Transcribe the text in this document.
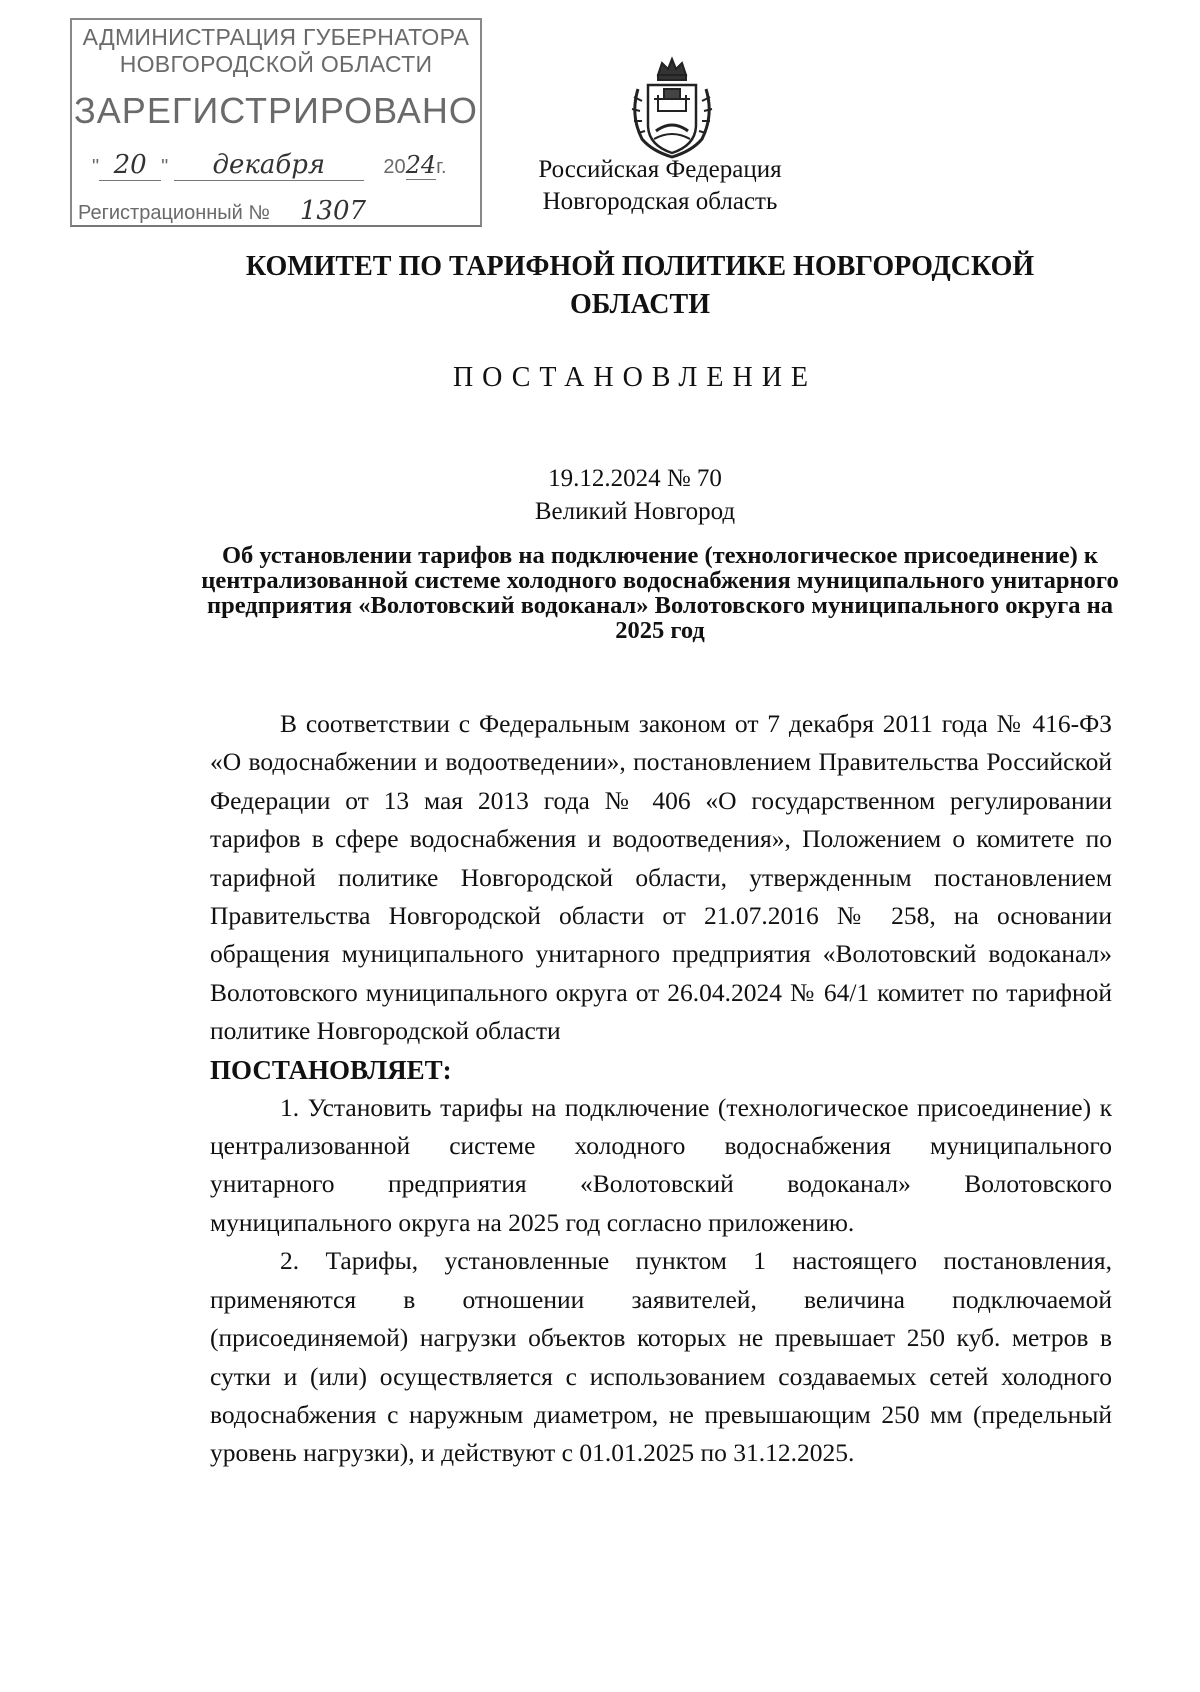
АДМИНИСТРАЦИЯ ГУБЕРНАТОРА
НОВГОРОДСКОЙ ОБЛАСТИ
ЗАРЕГИСТРИРОВАНО
" 20 " декабря	2024г.
Регистрационный № 1307
Российская Федерация
Новгородская область
КОМИТЕТ ПО ТАРИФНОЙ ПОЛИТИКЕ НОВГОРОДСКОЙ ОБЛАСТИ
ПОСТАНОВЛЕНИЕ
19.12.2024 № 70
Великий Новгород
Об установлении тарифов на подключение (технологическое присоединение) к централизованной системе холодного водоснабжения муниципального унитарного предприятия «Волотовский водоканал» Волотовского муниципального округа на 2025 год

В соответствии с Федеральным законом от 7 декабря 2011 года № 416-ФЗ «О водоснабжении и водоотведении», постановлением Правительства Российской Федерации от 13 мая 2013 года № 406 «О государственном регулировании тарифов в сфере водоснабжения и водоотведения», Положением о комитете по тарифной политике Новгородской области, утвержденным постановлением Правительства Новгородской области от 21.07.2016 № 258, на основании обращения муниципального унитарного предприятия «Волотовский водоканал» Волотовского муниципального округа от 26.04.2024 № 64/1 комитет по тарифной политике Новгородской области

ПОСТАНОВЛЯЕТ:

1. Установить тарифы на подключение (технологическое присоединение) к централизованной системе холодного водоснабжения муниципального унитарного предприятия «Волотовский водоканал» Волотовского муниципального округа на 2025 год согласно приложению.

2. Тарифы, установленные пунктом 1 настоящего постановления, применяются в отношении заявителей, величина подключаемой (присоединяемой) нагрузки объектов которых не превышает 250 куб. метров в сутки и (или) осуществляется с использованием создаваемых сетей холодного водоснабжения с наружным диаметром, не превышающим 250 мм (предельный уровень нагрузки), и действуют с 01.01.2025 по 31.12.2025.
